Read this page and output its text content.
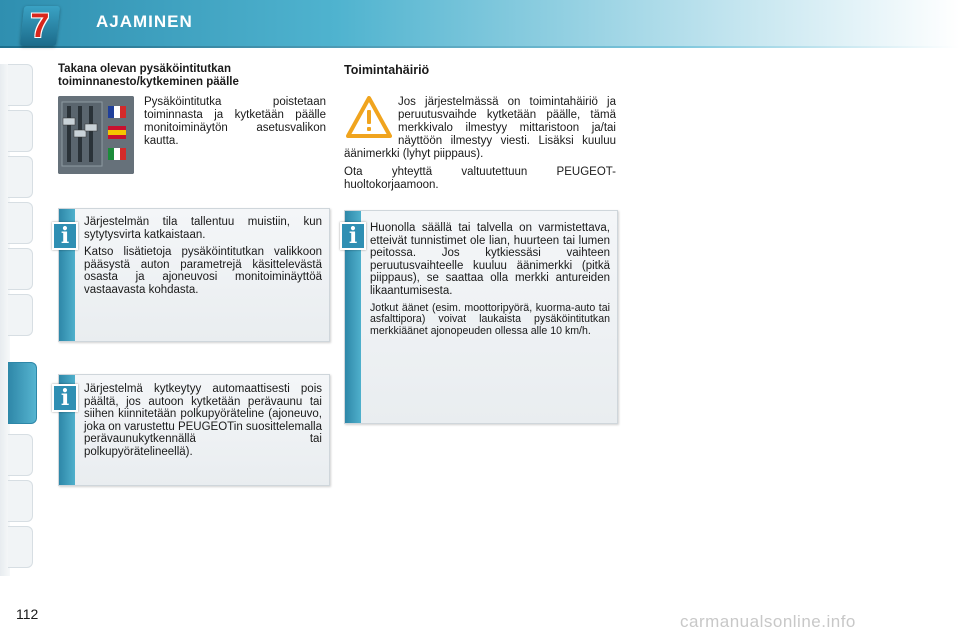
7	AJAMINEN
Takana olevan pysäköintitutkan toiminnanesto/kytkeminen päälle
Pysäköintitutka poistetaan toiminnasta ja kytketään päälle monitoiminäytön asetusvalikon kautta.
i

Järjestelmän tila tallentuu muistiin, kun sytytysvirta katkaistaan.

Katso lisätietoja pysäköintitutkan valikkoon pääsystä auton parametrejä käsittelevästä osasta ja ajoneuvosi monitoiminäyttöä vastaavasta kohdasta.

i	Järjestelmä kytkeytyy automaattisesti pois päältä, jos autoon kytketään perävaunu tai siihen kiinnitetään polkupyöräteline (ajoneuvo, joka on varustettu PEUGEOTin suosittelemalla perävaunukytkennällä tai polkupyörätelineellä).

Toimintahäiriö

Jos järjestelmässä on toimintahäiriö ja peruutusvaihde kytketään päälle, tämä merkkivalo ilmestyy mittaristoon ja/tai näyttöön ilmestyy viesti. Lisäksi kuuluu äänimerkki (lyhyt piippaus).

Ota yhteyttä valtuutettuun PEUGEOT-huoltokorjaamoon.

i	Huonolla säällä tai talvella on varmistettava, etteivät tunnistimet ole lian, huurteen tai lumen peitossa. Jos kytkiessäsi vaihteen peruutusvaihteelle kuuluu äänimerkki (pitkä piippaus), se saattaa olla merkki antureiden likaantumisesta.

Jotkut äänet (esim. moottoripyörä, kuorma-auto tai asfalttipora) voivat laukaista pysäköintitutkan merkkiäänet ajonopeuden ollessa alle 10 km/h.

112	carmanualsonline.info
